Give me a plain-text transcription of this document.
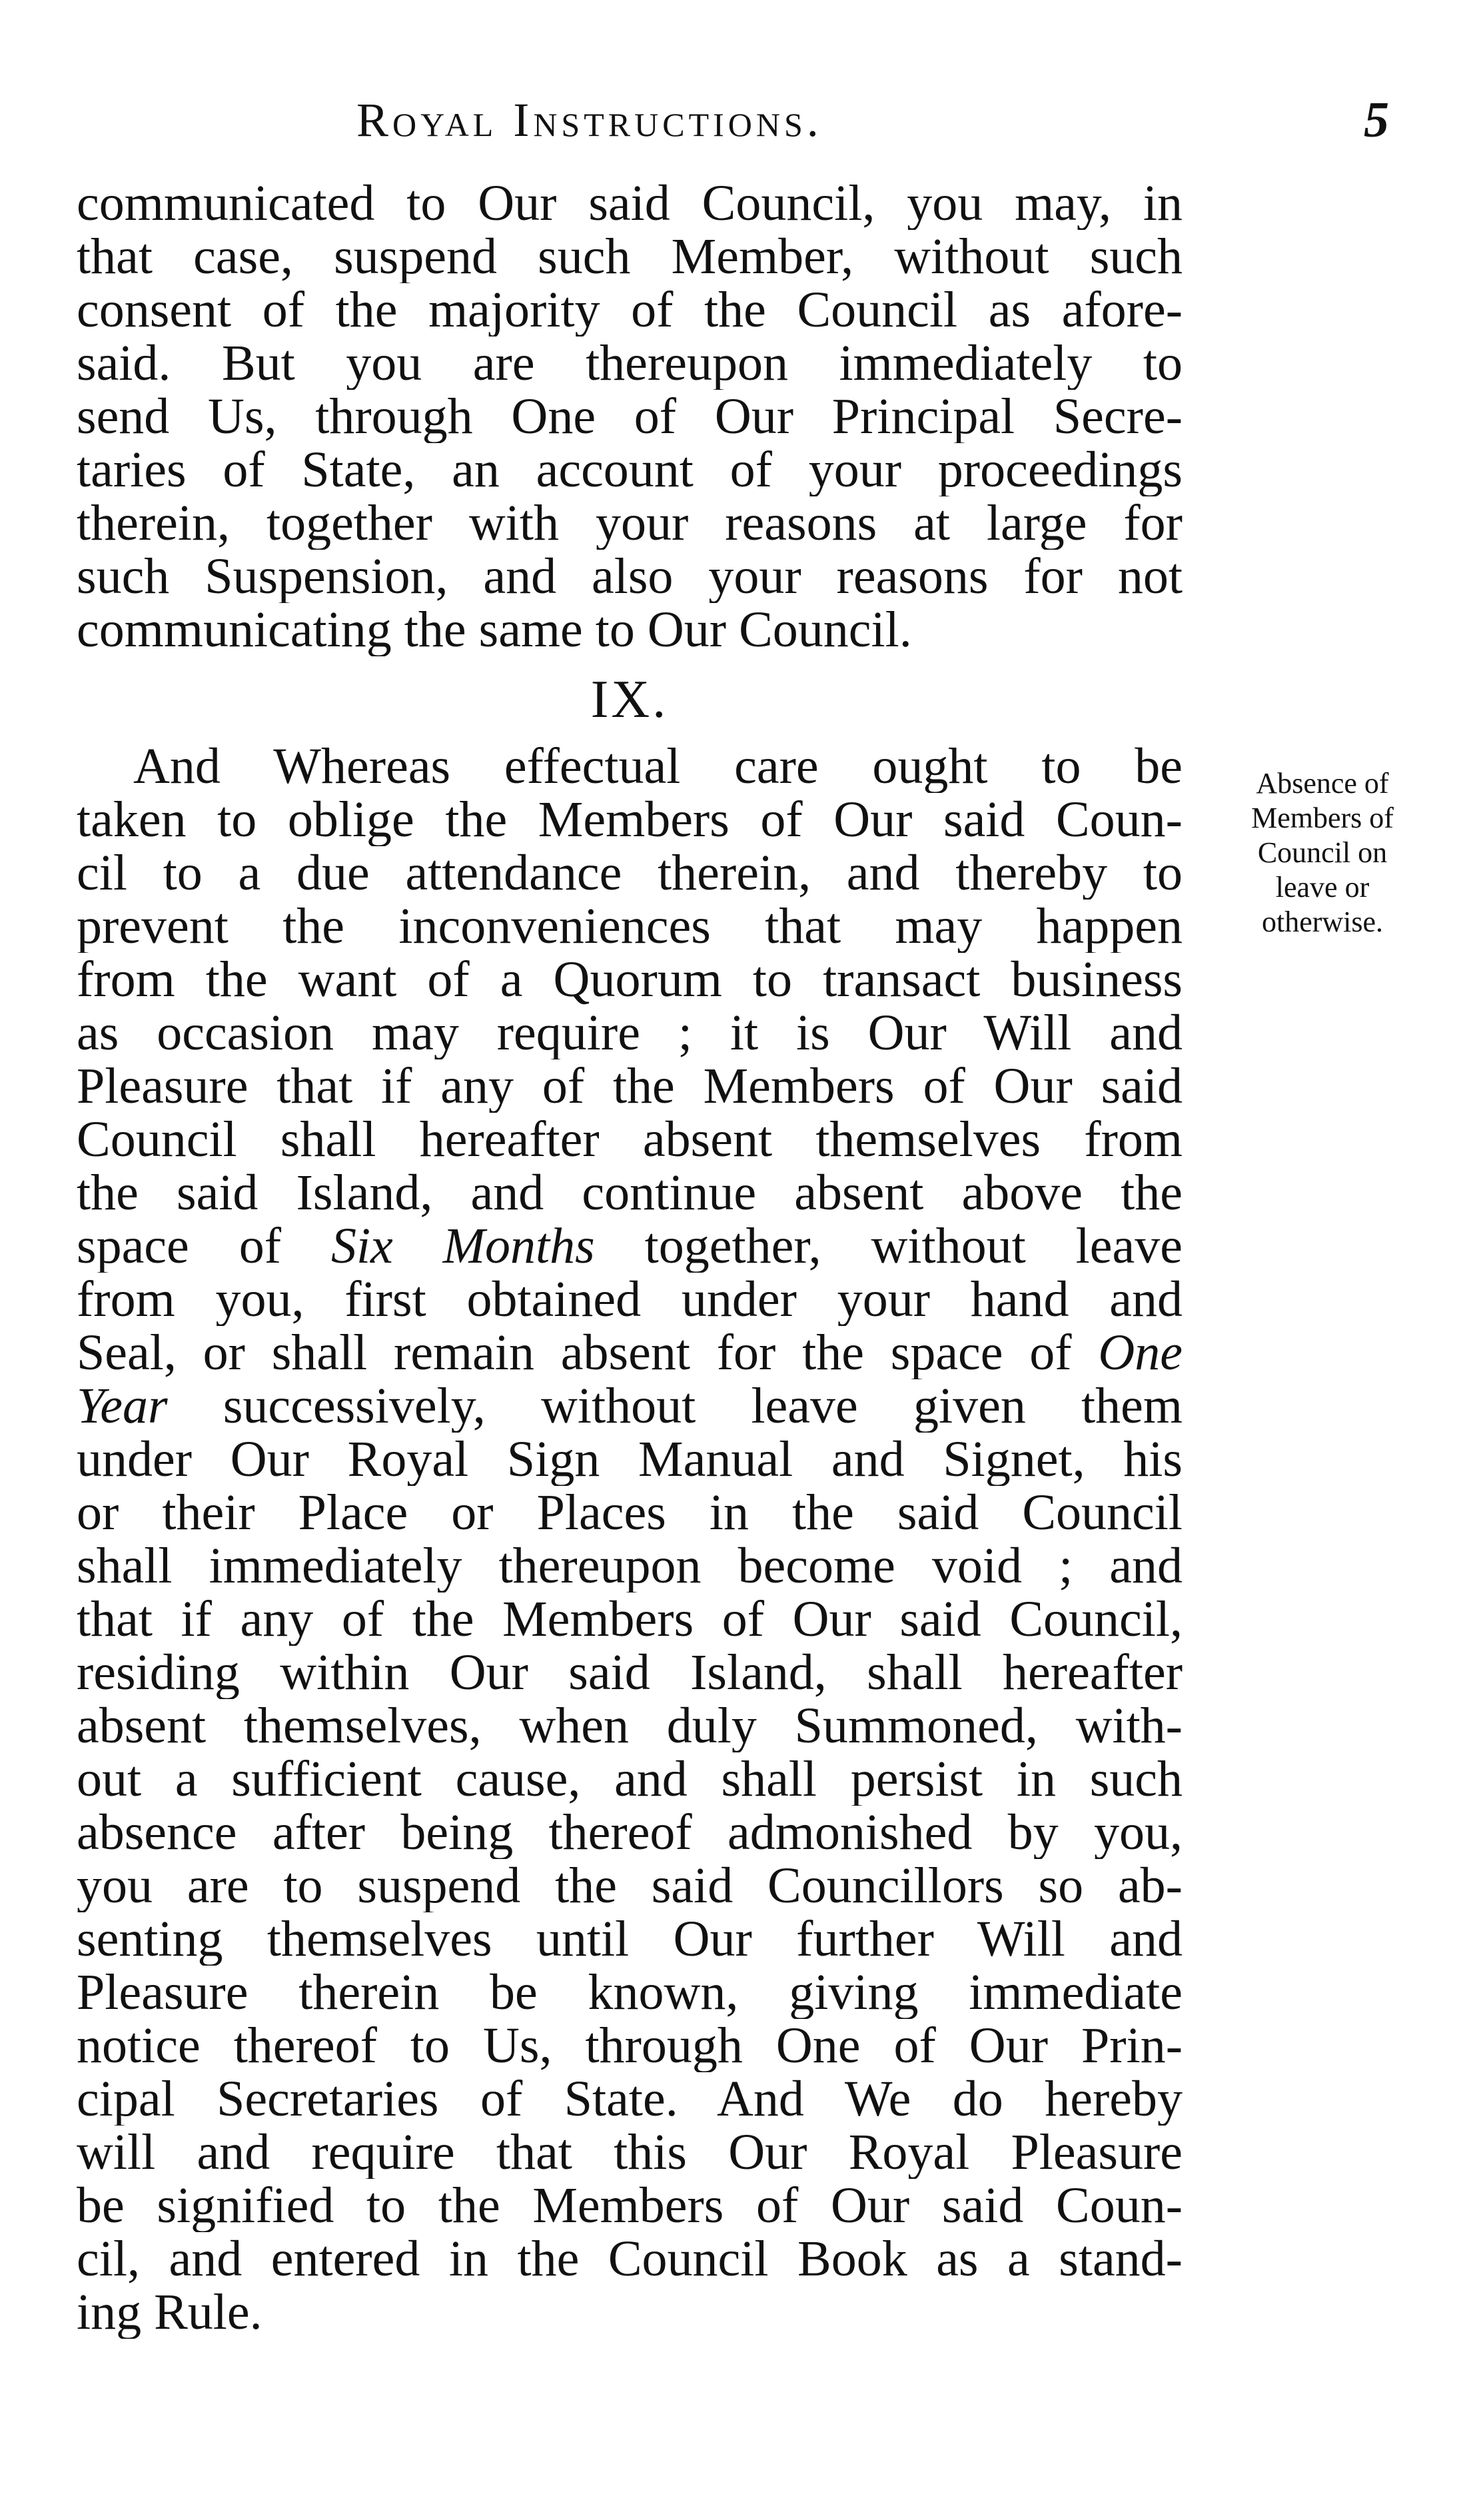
Royal Instructions.	5
communicated to Our said Council, you may, in
that case, suspend such Member, without such
consent of the majority of the Council as afore-
said. But you are thereupon immediately to
send Us, through One of Our Principal Secre-
taries of State, an account of your proceedings
therein, together with your reasons at large for
such Suspension, and also your reasons for not
communicating the same to Our Council.
IX.
And Whereas effectual care ought to be
taken to oblige the Members of Our said Coun-
cil to a due attendance therein, and thereby to
prevent the inconveniences that may happen
from the want of a Quorum to transact business
as occasion may require ; it is Our Will and
Pleasure that if any of the Members of Our said
Council shall hereafter absent themselves from
the said Island, and continue absent above the
space of Six Months together, without leave
from you, first obtained under your hand and
Seal, or shall remain absent for the space of One
Year successively, without leave given them
under Our Royal Sign Manual and Signet, his
or their Place or Places in the said Council
shall immediately thereupon become void ; and
that if any of the Members of Our said Council,
residing within Our said Island, shall hereafter
absent themselves, when duly Summoned, with-
out a sufficient cause, and shall persist in such
absence after being thereof admonished by you,
you are to suspend the said Councillors so ab-
senting themselves until Our further Will and
Pleasure therein be known, giving immediate
notice thereof to Us, through One of Our Prin-
cipal Secretaries of State. And We do hereby
will and require that this Our Royal Pleasure
be signified to the Members of Our said Coun-
cil, and entered in the Council Book as a stand-
ing Rule.
Absence of
Members of
Council on
leave or
otherwise.
